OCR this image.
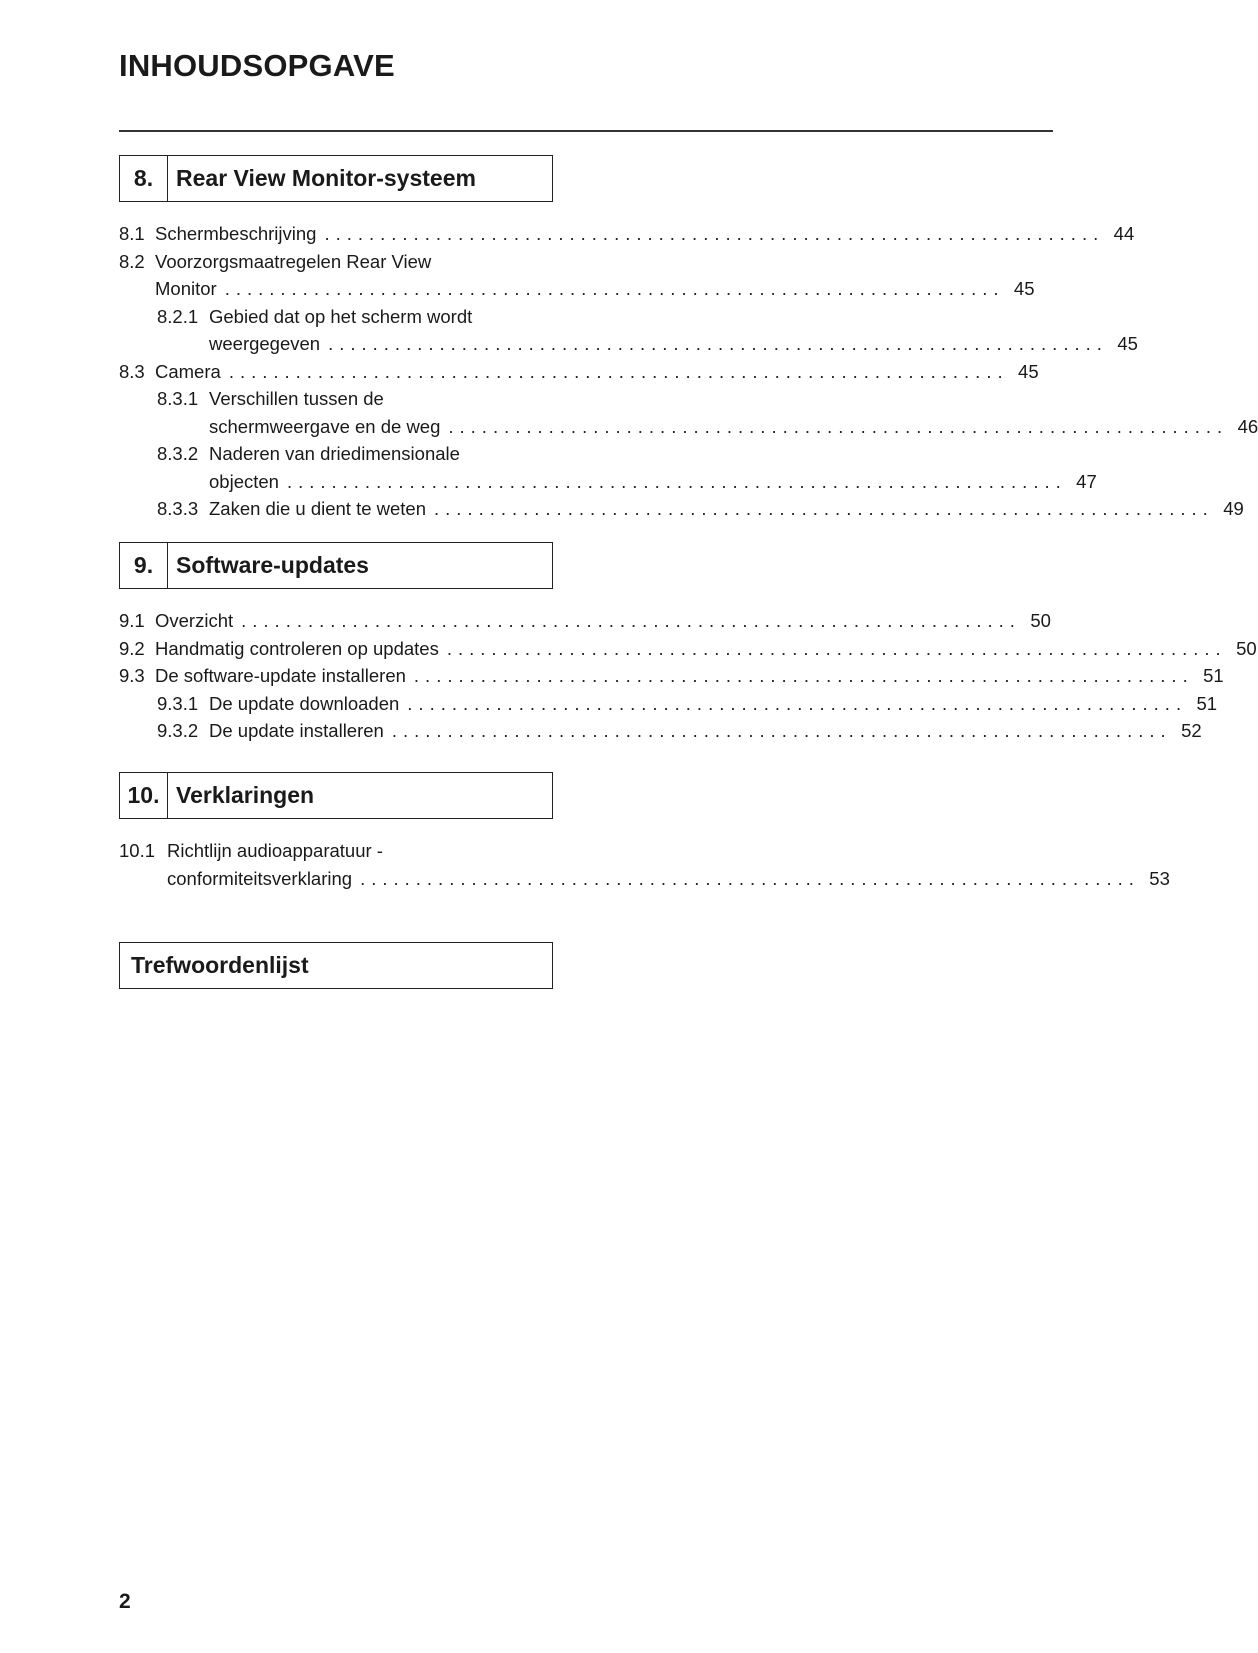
INHOUDSOPGAVE
8. Rear View Monitor-systeem
8.1 Schermbeschrijving ...................................................................... 44
8.2 Voorzorgsmaatregelen Rear View
Monitor ...................................................................... 45
8.2.1 Gebied dat op het scherm wordt
weergegeven ...................................................................... 45
8.3 Camera ...................................................................... 45
8.3.1 Verschillen tussen de
schermweergave en de weg ...................................................................... 46
8.3.2 Naderen van driedimensionale
objecten ...................................................................... 47
8.3.3 Zaken die u dient te weten ...................................................................... 49
9. Software-updates
9.1 Overzicht ...................................................................... 50
9.2 Handmatig controleren op updates ...................................................................... 50
9.3 De software-update installeren ...................................................................... 51
9.3.1 De update downloaden ...................................................................... 51
9.3.2 De update installeren ...................................................................... 52
10. Verklaringen
10.1 Richtlijn audioapparatuur -
conformiteitsverklaring ...................................................................... 53
Trefwoordenlijst
2
